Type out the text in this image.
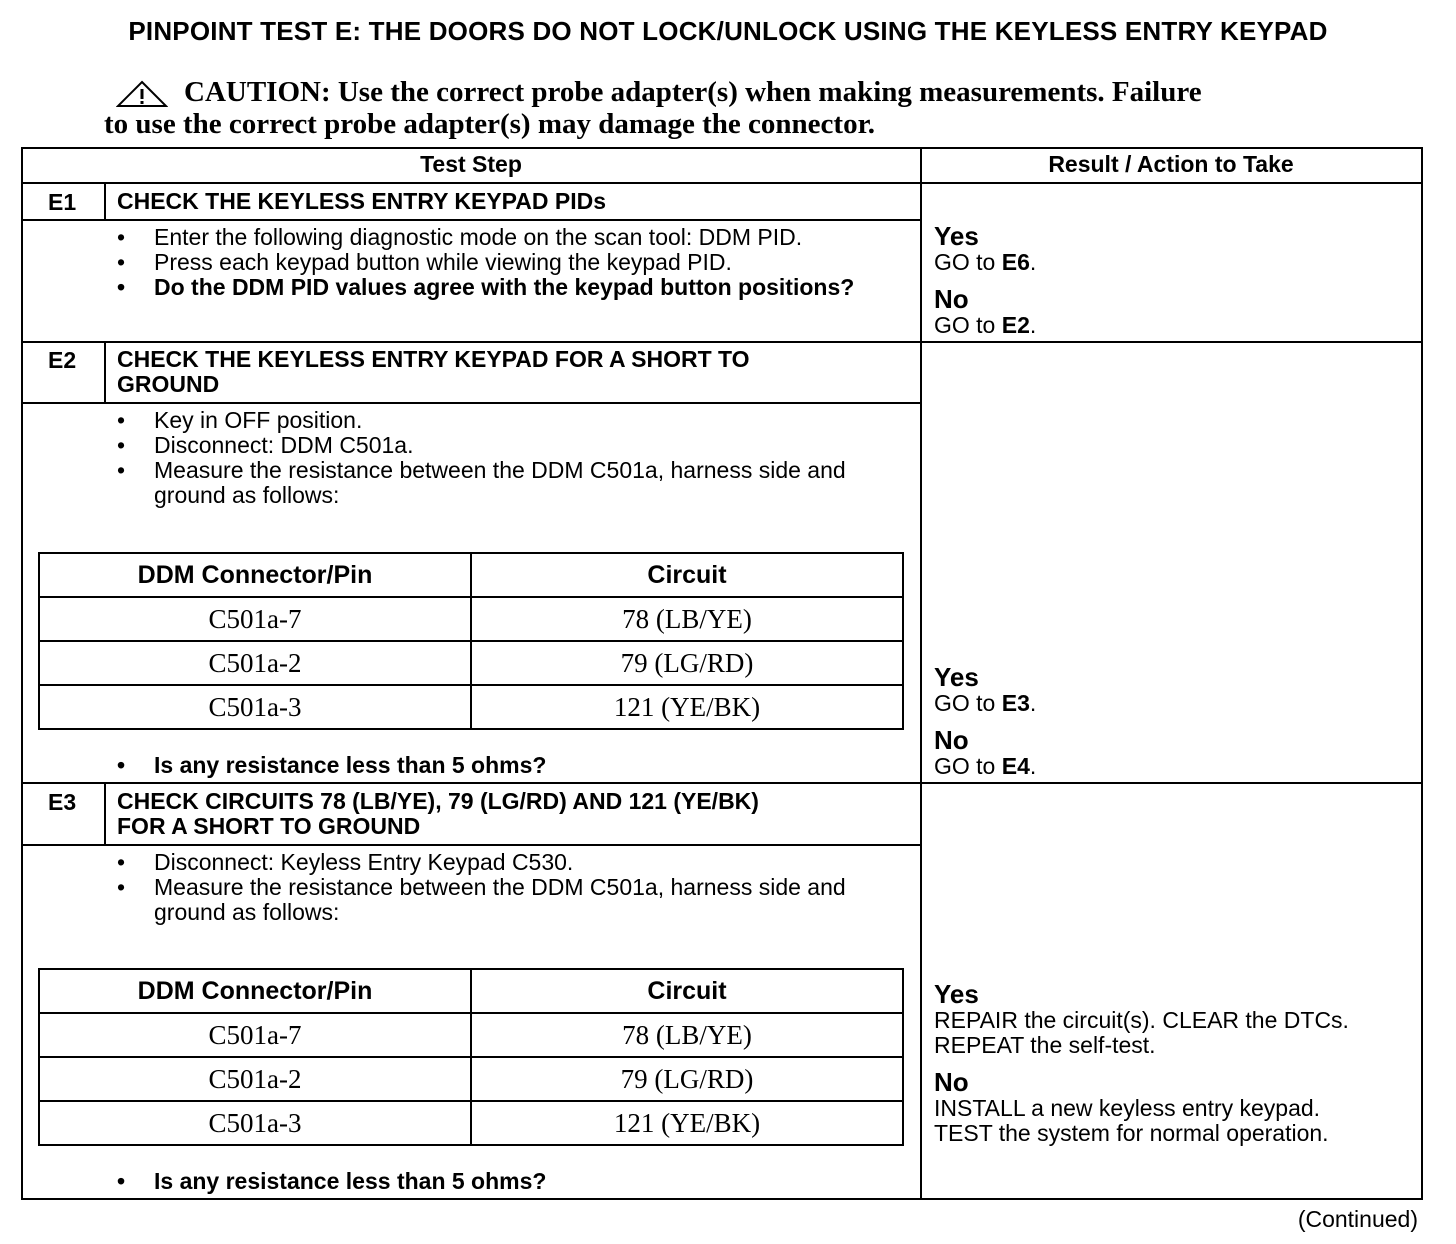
PINPOINT TEST E: THE DOORS DO NOT LOCK/UNLOCK USING THE KEYLESS ENTRY KEYPAD
CAUTION: Use the correct probe adapter(s) when making measurements. Failure
to use the correct probe adapter(s) may damage the connector.
Test Step	Result / Action to Take
E1 CHECK THE KEYLESS ENTRY KEYPAD PIDs
• Enter the following diagnostic mode on the scan tool: DDM PID.
• Press each keypad button while viewing the keypad PID.
• Do the DDM PID values agree with the keypad button positions?
Yes
GO to E6.
No
GO to E2.
E2 CHECK THE KEYLESS ENTRY KEYPAD FOR A SHORT TO
GROUND
• Key in OFF position.
• Disconnect: DDM C501a.
• Measure the resistance between the DDM C501a, harness side and ground as follows:
DDM Connector/Pin	Circuit
C501a-7	78 (LB/YE)
C501a-2	79 (LG/RD)
C501a-3	121 (YE/BK)
• Is any resistance less than 5 ohms?
Yes
GO to E3.
No
GO to E4.
E3 CHECK CIRCUITS 78 (LB/YE), 79 (LG/RD) AND 121 (YE/BK)
FOR A SHORT TO GROUND
• Disconnect: Keyless Entry Keypad C530.
• Measure the resistance between the DDM C501a, harness side and ground as follows:
DDM Connector/Pin	Circuit
C501a-7	78 (LB/YE)
C501a-2	79 (LG/RD)
C501a-3	121 (YE/BK)
• Is any resistance less than 5 ohms?
Yes
REPAIR the circuit(s). CLEAR the DTCs.
REPEAT the self-test.
No
INSTALL a new keyless entry keypad.
TEST the system for normal operation.
(Continued)
